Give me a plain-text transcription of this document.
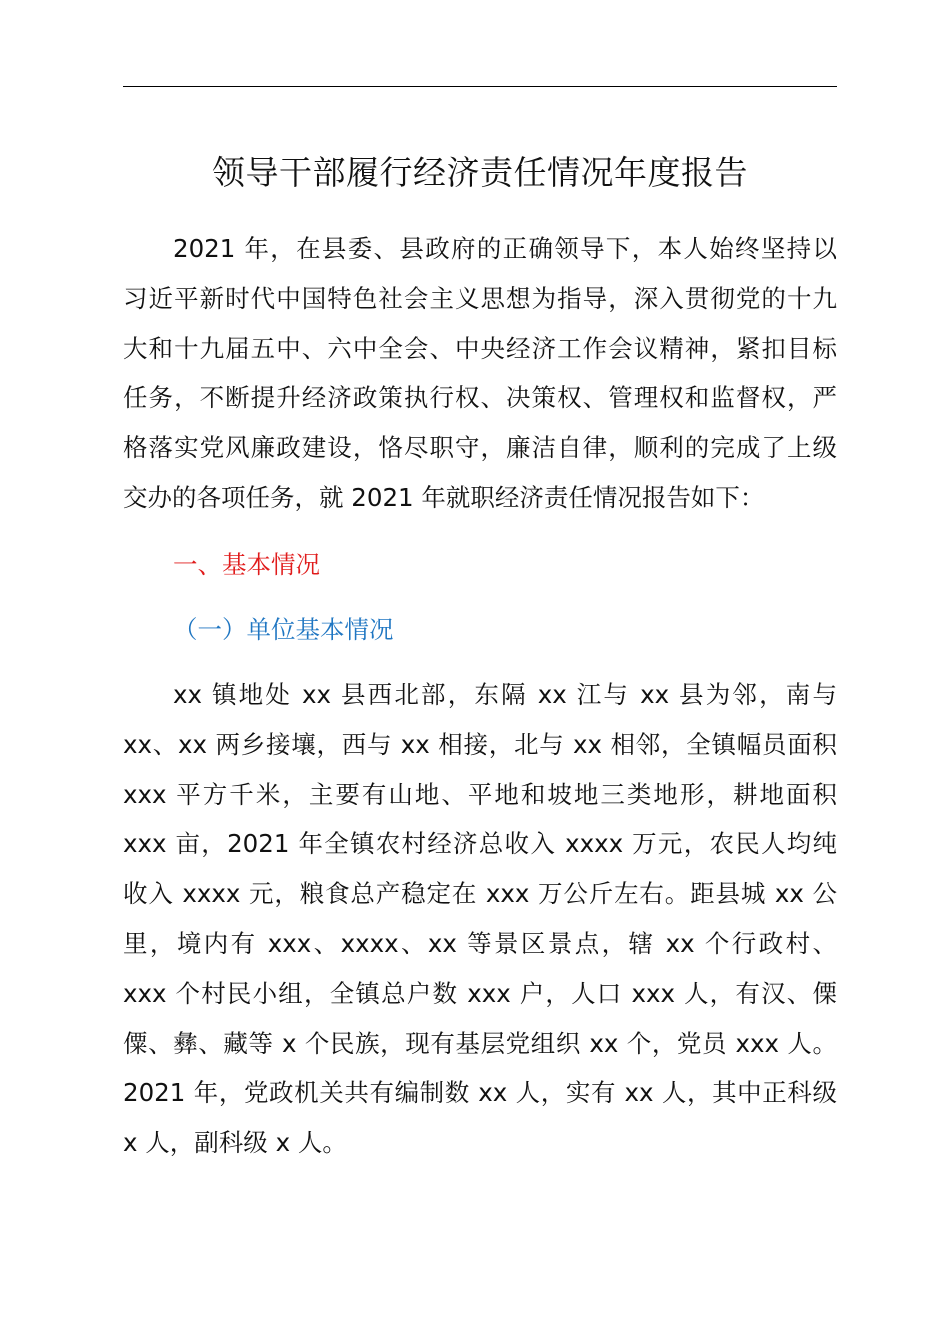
领导干部履行经济责任情况年度报告

2021 年，在县委、县政府的正确领导下，本人始终坚持以
习近平新时代中国特色社会主义思想为指导，深入贯彻党的十九
大和十九届五中、六中全会、中央经济工作会议精神，紧扣目标
任务，不断提升经济政策执行权、决策权、管理权和监督权，严
格落实党风廉政建设，恪尽职守，廉洁自律，顺利的完成了上级
交办的各项任务，就 2021 年就职经济责任情况报告如下：

一、基本情况
（一）单位基本情况

xx 镇地处 xx 县西北部，东隔 xx 江与 xx 县为邻，南与
xx、xx 两乡接壤，西与 xx 相接，北与 xx 相邻，全镇幅员面积
xxx 平方千米，主要有山地、平地和坡地三类地形，耕地面积
xxx 亩，2021 年全镇农村经济总收入 xxxx 万元，农民人均纯
收入 xxxx 元，粮食总产稳定在 xxx 万公斤左右。距县城 xx 公
里，境内有 xxx、xxxx、xx 等景区景点，辖 xx 个行政村、
xxx 个村民小组，全镇总户数 xxx 户，人口 xxx 人，有汉、傈
僳、彝、藏等 x 个民族，现有基层党组织 xx 个，党员 xxx 人。
2021 年，党政机关共有编制数 xx 人，实有 xx 人，其中正科级
x 人，副科级 x 人。
